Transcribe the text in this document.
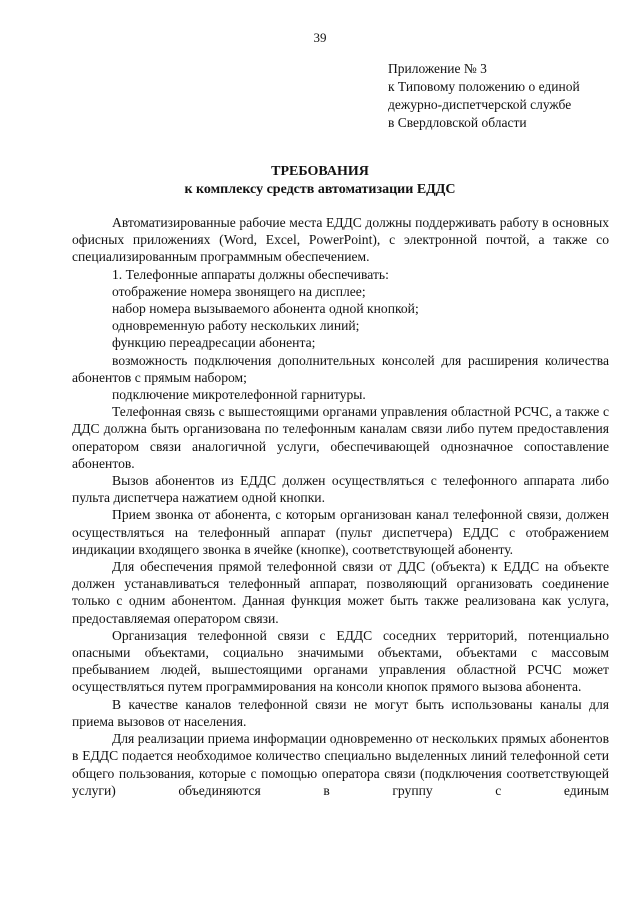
39
Приложение № 3
к Типовому положению о единой
дежурно-диспетчерской службе
в Свердловской области
ТРЕБОВАНИЯ
к комплексу средств автоматизации ЕДДС

Автоматизированные рабочие места ЕДДС должны поддерживать работу в основных офисных приложениях (Word, Excel, PowerPoint), с электронной почтой, а также со специализированным программным обеспечением.

1. Телефонные аппараты должны обеспечивать:

отображение номера звонящего на дисплее;

набор номера вызываемого абонента одной кнопкой;

одновременную работу нескольких линий;

функцию переадресации абонента;

возможность подключения дополнительных консолей для расширения количества абонентов с прямым набором;

подключение микротелефонной гарнитуры.

Телефонная связь с вышестоящими органами управления областной РСЧС, а также с ДДС должна быть организована по телефонным каналам связи либо путем предоставления оператором связи аналогичной услуги, обеспечивающей однозначное сопоставление абонентов.

Вызов абонентов из ЕДДС должен осуществляться с телефонного аппарата либо пульта диспетчера нажатием одной кнопки.

Прием звонка от абонента, с которым организован канал телефонной связи, должен осуществляться на телефонный аппарат (пульт диспетчера) ЕДДС с отображением индикации входящего звонка в ячейке (кнопке), соответствующей абоненту.

Для обеспечения прямой телефонной связи от ДДС (объекта) к ЕДДС на объекте должен устанавливаться телефонный аппарат, позволяющий организовать соединение только с одним абонентом. Данная функция может быть также реализована как услуга, предоставляемая оператором связи.

Организация телефонной связи с ЕДДС соседних территорий, потенциально опасными объектами, социально значимыми объектами, объектами с массовым пребыванием людей, вышестоящими органами управления областной РСЧС может осуществляться путем программирования на консоли кнопок прямого вызова абонента.

В качестве каналов телефонной связи не могут быть использованы каналы для приема вызовов от населения.

Для реализации приема информации одновременно от нескольких прямых абонентов в ЕДДС подается необходимое количество специально выделенных линий телефонной сети общего пользования, которые с помощью оператора связи (подключения соответствующей услуги) объединяются в группу с единым
